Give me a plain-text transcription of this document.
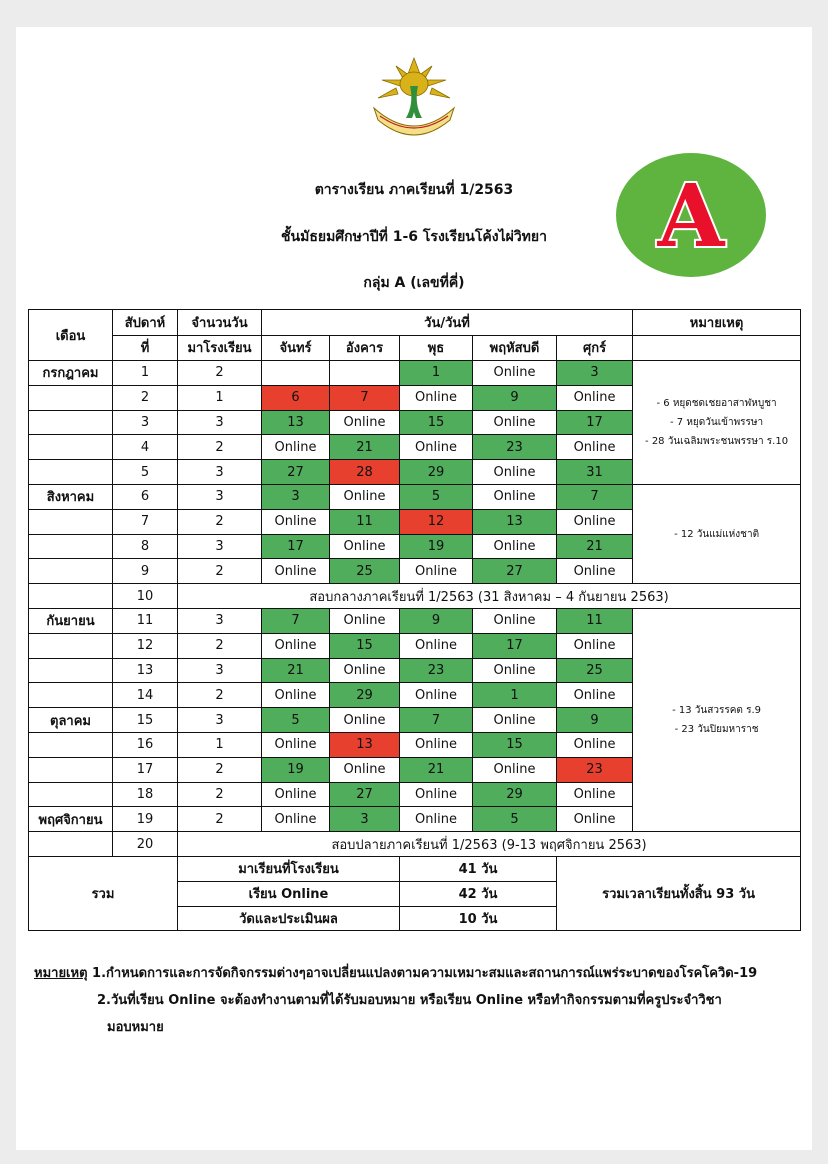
A
ตารางเรียน ภาคเรียนที่ 1/2563
ชั้นมัธยมศึกษาปีที่ 1-6 โรงเรียนโค้งไผ่วิทยา
กลุ่ม A (เลขที่คี่)
เดือน	สัปดาห์	จำนวนวัน	วัน/วันที่					หมายเหตุ
	ที่	มาโรงเรียน	จันทร์	อังคาร	พุธ	พฤหัสบดี	ศุกร์	
กรกฎาคม	1	2			1	Online	3	- 6 หยุดชดเชยอาสาฬหบูชา
- 7 หยุดวันเข้าพรรษา
- 28 วันเฉลิมพระชนพรรษา ร.10

	2	1	6	7	Online	9	Online	
	3	3	13	Online	15	Online	17	
	4	2	Online	21	Online	23	Online	
	5	3	27	28	29	Online	31	
สิงหาคม	6	3	3	Online	5	Online	7	- 12 วันแม่แห่งชาติ

	7	2	Online	11	12	13	Online	
	8	3	17	Online	19	Online	21	
	9	2	Online	25	Online	27	Online	
	10	สอบกลางภาคเรียนที่ 1/2563 (31 สิงหาคม – 4 กันยายน 2563)						
กันยายน	11	3	7	Online	9	Online	11	- 13 วันสวรรคต ร.9
- 23 วันปิยมหาราช

	12	2	Online	15	Online	17	Online	
	13	3	21	Online	23	Online	25	
	14	2	Online	29	Online	1	Online	
ตุลาคม	15	3	5	Online	7	Online	9	
	16	1	Online	13	Online	15	Online	
	17	2	19	Online	21	Online	23	
	18	2	Online	27	Online	29	Online	
พฤศจิกายน	19	2	Online	3	Online	5	Online	
	20	สอบปลายภาคเรียนที่ 1/2563 (9-13 พฤศจิกายน 2563)						
รวม		มาเรียนที่โรงเรียน			41 วัน		รวมเวลาเรียนทั้งสิ้น 93 วัน	
		เรียน Online			42 วัน			
		วัดและประเมินผล			10 วัน			
หมายเหตุ 1.กำหนดการและการจัดกิจกรรมต่างๆอาจเปลี่ยนแปลงตามความเหมาะสมและสถานการณ์แพร่ระบาดของโรคโควิด-19
2.วันที่เรียน Online จะต้องทำงานตามที่ได้รับมอบหมาย หรือเรียน Online หรือทำกิจกรรมตามที่ครูประจำวิชา
มอบหมาย
